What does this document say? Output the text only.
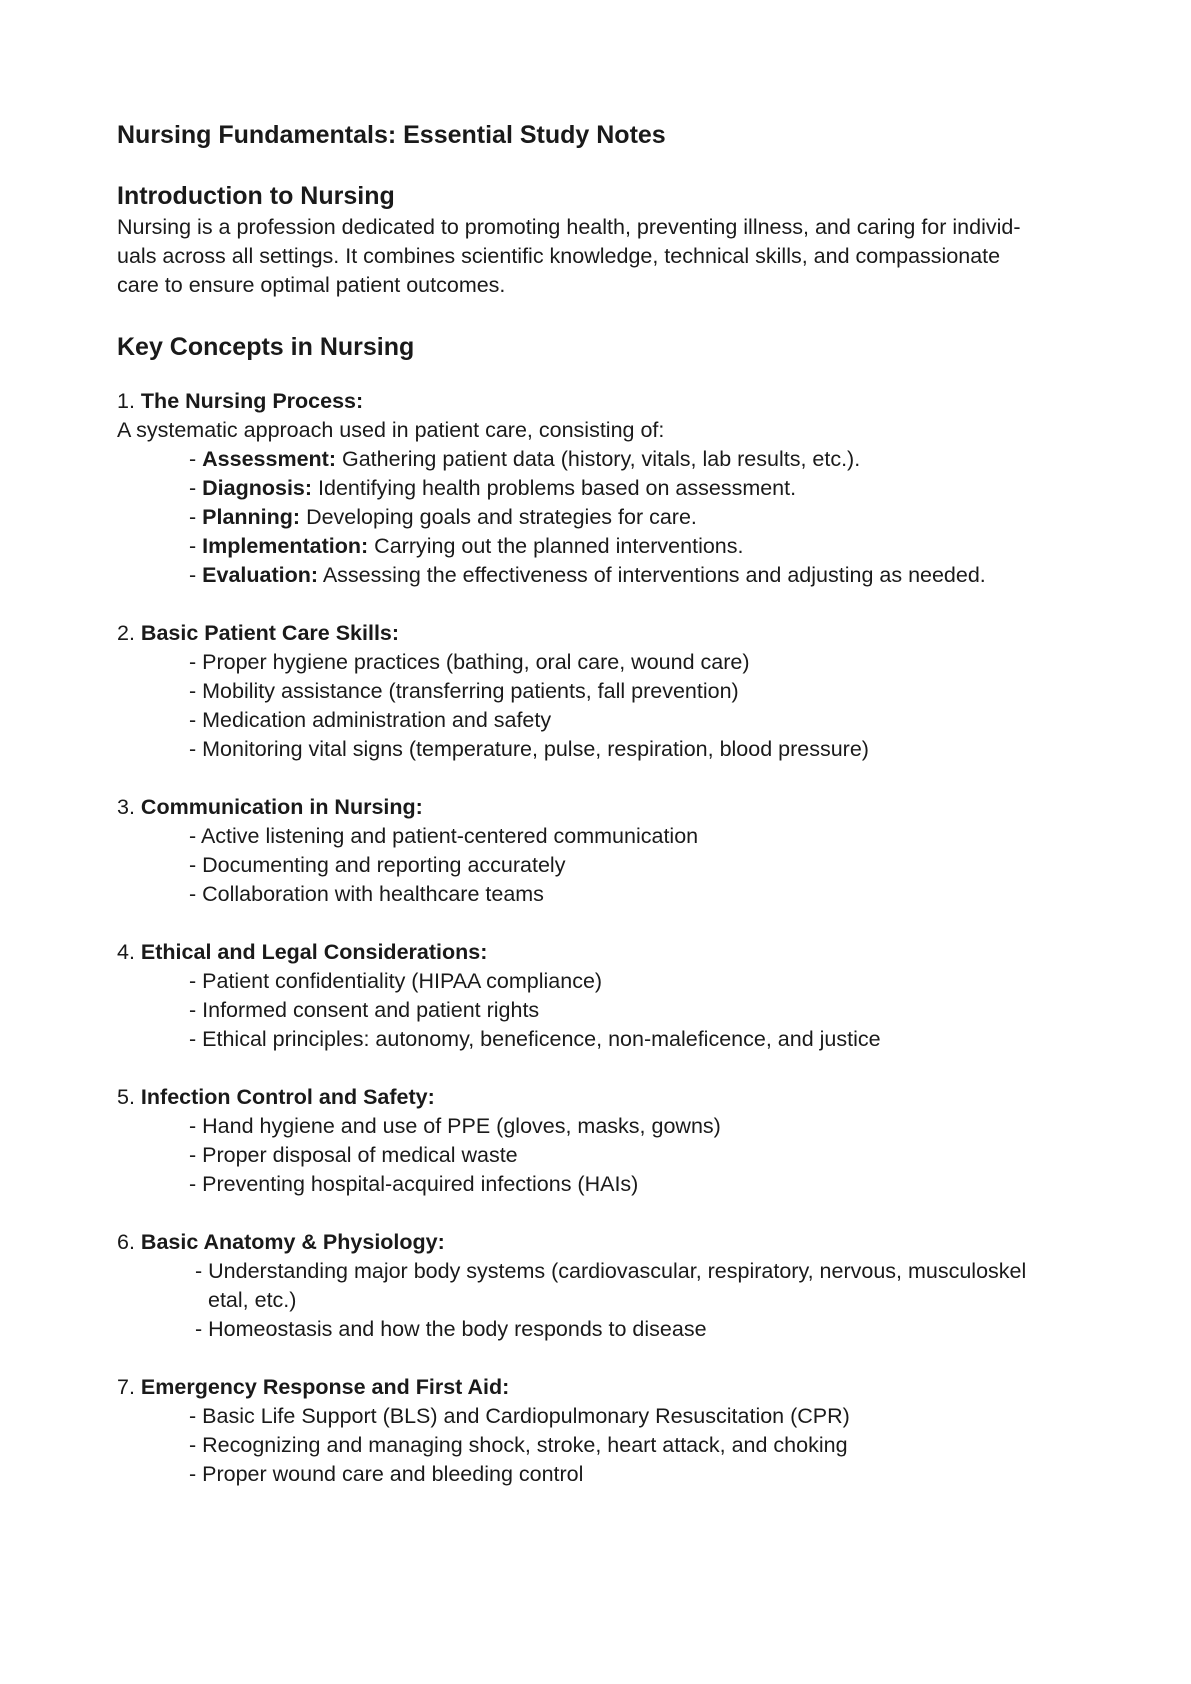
Nursing Fundamentals: Essential Study Notes
Introduction to Nursing

Nursing is a profession dedicated to promoting health, preventing illness, and caring for individ-
uals across all settings. It combines scientific knowledge, technical skills, and compassionate
care to ensure optimal patient outcomes.

Key Concepts in Nursing
1. The Nursing Process:
A systematic approach used in patient care, consisting of:
- Assessment: Gathering patient data (history, vitals, lab results, etc.).
- Diagnosis: Identifying health problems based on assessment.
- Planning: Developing goals and strategies for care.
- Implementation: Carrying out the planned interventions.
- Evaluation: Assessing the effectiveness of interventions and adjusting as needed.
2. Basic Patient Care Skills:
- Proper hygiene practices (bathing, oral care, wound care)
- Mobility assistance (transferring patients, fall prevention)
- Medication administration and safety
- Monitoring vital signs (temperature, pulse, respiration, blood pressure)
3. Communication in Nursing:
- Active listening and patient-centered communication
- Documenting and reporting accurately
- Collaboration with healthcare teams
4. Ethical and Legal Considerations:
- Patient confidentiality (HIPAA compliance)
- Informed consent and patient rights
- Ethical principles: autonomy, beneficence, non-maleficence, and justice
5. Infection Control and Safety:
- Hand hygiene and use of PPE (gloves, masks, gowns)
- Proper disposal of medical waste
- Preventing hospital-acquired infections (HAIs)
6. Basic Anatomy & Physiology:
- Understanding major body systems (cardiovascular, respiratory, nervous, musculoskel
etal, etc.)
- Homeostasis and how the body responds to disease
7. Emergency Response and First Aid:
- Basic Life Support (BLS) and Cardiopulmonary Resuscitation (CPR)
- Recognizing and managing shock, stroke, heart attack, and choking
- Proper wound care and bleeding control
